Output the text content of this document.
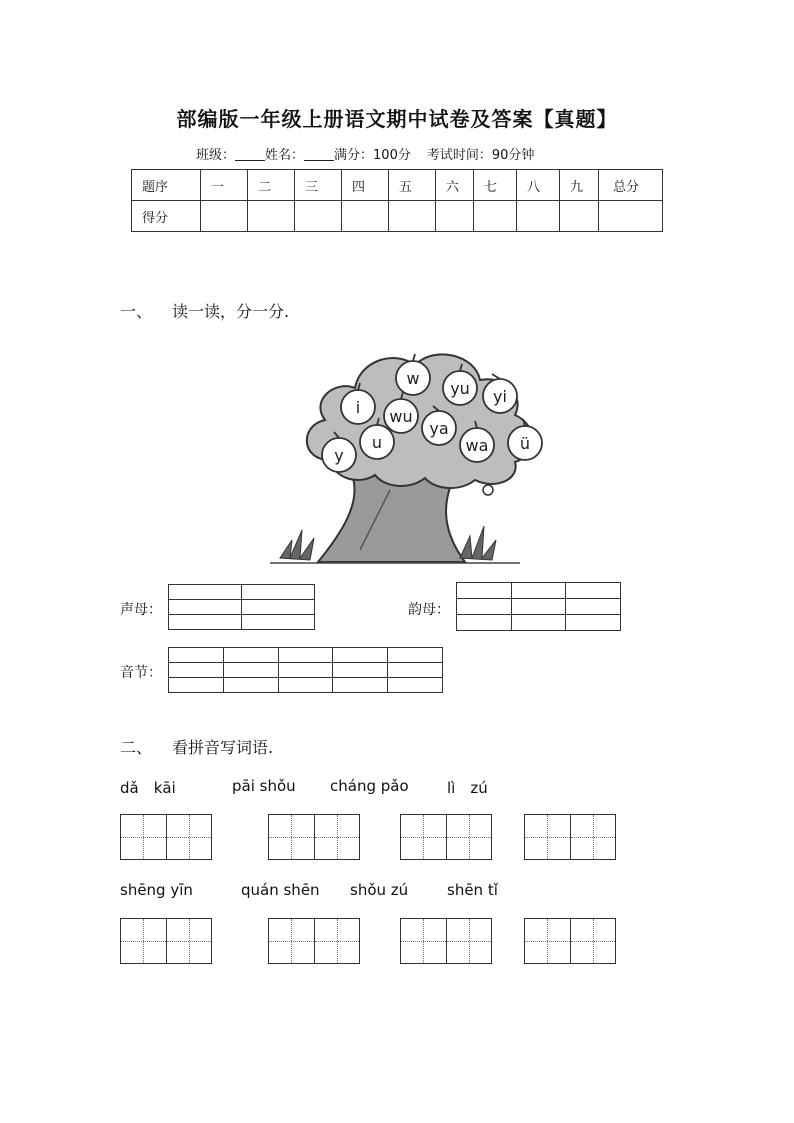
部编版一年级上册语文期中试卷及答案【真题】
班级： 姓名： 满分：100分 考试时间：90分钟
题序	一	二	三	四	五	六	七	八	九	总分
得分										
一、 读一读，分一分.
w
yu yi
i wu
ya
u
y
wa ü
声母：

		韵母：

音节：

二、 看拼音写词语.
dǎ　kāi	pāi shǒu cháng pǎo	lì　zú
shēng yīn	quán shēn shǒu zú	shēn tǐ
